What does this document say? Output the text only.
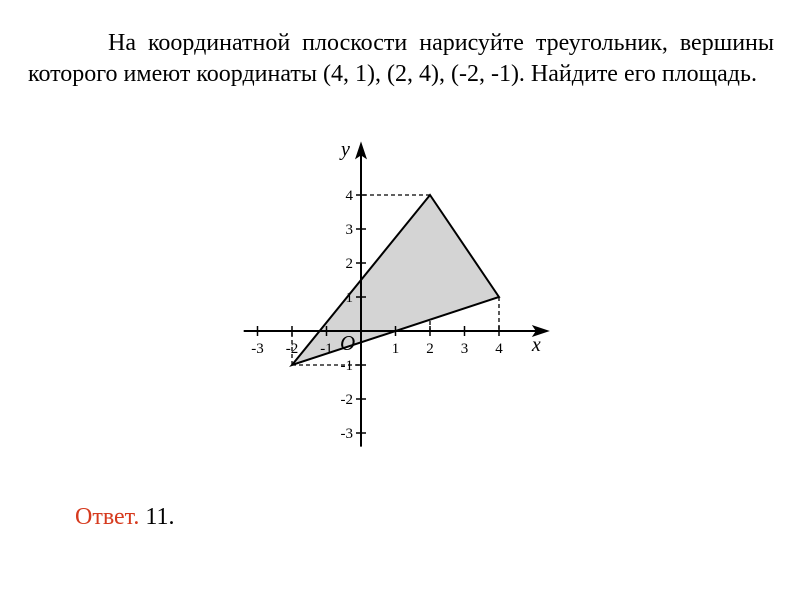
На координатной плоскости нарисуйте треугольник, вершины которого имеют координаты (4, 1), (2, 4), (-2, -1). Найдите его площадь.
-3 -2 -1	1 2 3 4
4
3
2
1
-1
-2
-3
x
y
O
Ответ. 11.
